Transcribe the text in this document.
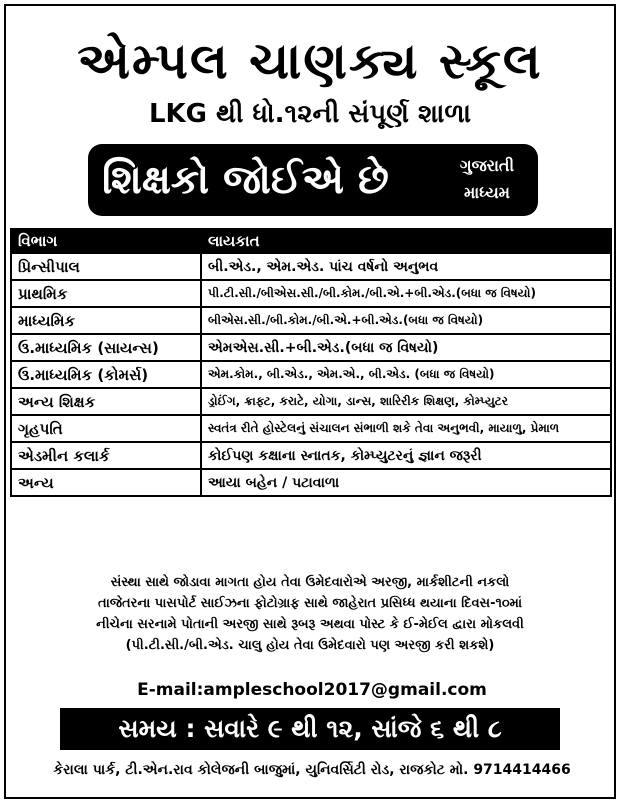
એમ્પલ ચાણક્ય સ્કૂલ
LKG થી ધો.૧૨ની સંપૂર્ણ શાળા
શિક્ષકો જોઈએ છે	ગુજરાતી
માધ્યમ
વિભાગ	લાયકાત
પ્રિન્સીપાલ	બી.એડ., એમ.એડ. પાંચ વર્ષનો અનુભવ
પ્રાથમિક	પી.ટી.સી./બીએસ.સી./બી.કોમ./બી.એ.+બી.એડ.(બધા જ વિષયો)
માધ્યમિક	બીએસ.સી./બી.કોમ./બી.એ.+બી.એડ.(બધા જ વિષયો)
ઉ.માધ્યમિક (સાયન્સ)	એમએસ.સી.+બી.એડ.(બધા જ વિષયો)
ઉ.માધ્યમિક (કોમર્સ)	એમ.કોમ., બી.એડ., એમ.એ., બી.એડ. (બધા જ વિષયો)
અન્ય શિક્ષક	ડ્રોઈંગ, ક્રાફ્ટ, કરાટે, યોગા, ડાન્સ, શારિરીક શિક્ષણ, કોમ્પ્યુટર
ગૃહપતિ	સ્વતંત્ર રીતે હોસ્ટેલનું સંચાલન સંભાળી શકે તેવા અનુભવી, માયાળુ, પ્રેમાળ
એડમીન કલાર્ક	કોઈપણ કક્ષાના સ્નાતક, કોમ્પ્યુટરનું જ્ઞાન જરૂરી
અન્ય	આયા બહેન / પટાવાળા
સંસ્થા સાથે જોડાવા માગતા હોય તેવા ઉમેદવારોએ અરજી, માર્કશીટની નકલો
તાજેતરના પાસપોર્ટ સાઈઝના ફોટોગ્રાફ સાથે જાહેરાત પ્રસિધ્ધ થયાના દિવસ-૧૦માં
નીચેના સરનામે પોતાની અરજી સાથે રૂબરૂ અથવા પોસ્ટ કે ઈ-મેઈલ દ્વારા મોકલવી
(પી.ટી.સી./બી.એડ. ચાલુ હોય તેવા ઉમેદવારો પણ અરજી કરી શકશે)
E-mail:ampleschool2017@gmail.com
સમય : સવારે ૯ થી ૧૨, સાંજે ૬ થી ૮
કેરાલા પાર્ક, ટી.એન.રાવ કોલેજની બાજુમાં, યુનિવર્સિટી રોડ, રાજકોટ મો. 9714414466
